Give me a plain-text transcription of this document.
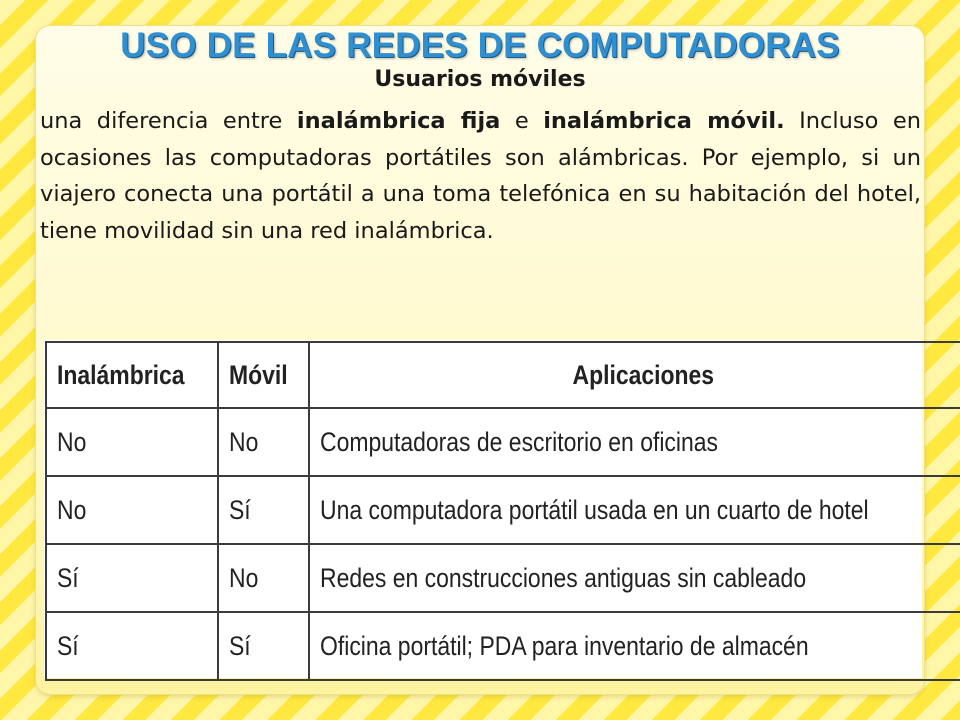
USO DE LAS REDES DE COMPUTADORAS
Usuarios móviles
una diferencia entre inalámbrica fija e inalámbrica móvil. Incluso en ocasiones las computadoras portátiles son alámbricas. Por ejemplo, si un viajero conecta una portátil a una toma telefónica en su habitación del hotel, tiene movilidad sin una red inalámbrica.
Inalámbrica	Móvil	Aplicaciones
No	No	Computadoras de escritorio en oficinas
No	Sí	Una computadora portátil usada en un cuarto de hotel
Sí	No	Redes en construcciones antiguas sin cableado
Sí	Sí	Oficina portátil; PDA para inventario de almacén
